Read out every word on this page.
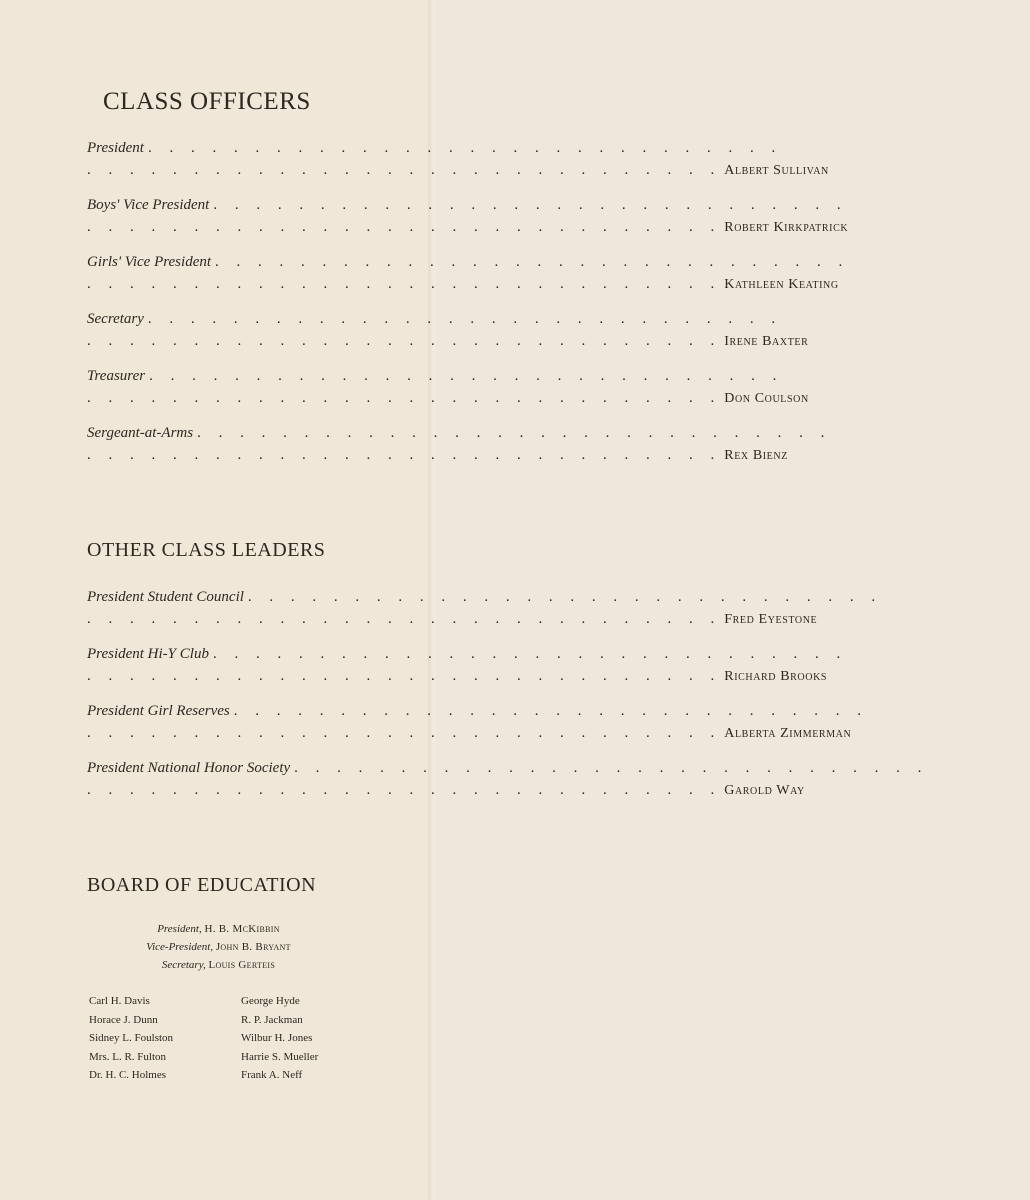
CLASS OFFICERS
President . . . . . . . . . . . . . . . . . . . . . . . . . . . . . .
. . . . . . . . . . . . . . . . . . . . . . . . . . . . . . Albert Sullivan
Boys' Vice President . . . . . . . . . . . . . . . . . . . . . . . . . . . . . .
. . . . . . . . . . . . . . . . . . . . . . . . . . . . . . Robert Kirkpatrick
Girls' Vice President . . . . . . . . . . . . . . . . . . . . . . . . . . . . . .
. . . . . . . . . . . . . . . . . . . . . . . . . . . . . . Kathleen Keating
Secretary . . . . . . . . . . . . . . . . . . . . . . . . . . . . . .
. . . . . . . . . . . . . . . . . . . . . . . . . . . . . . Irene Baxter
Treasurer . . . . . . . . . . . . . . . . . . . . . . . . . . . . . .
. . . . . . . . . . . . . . . . . . . . . . . . . . . . . . Don Coulson
Sergeant-at-Arms . . . . . . . . . . . . . . . . . . . . . . . . . . . . . .
. . . . . . . . . . . . . . . . . . . . . . . . . . . . . . Rex Bienz
OTHER CLASS LEADERS
President Student Council . . . . . . . . . . . . . . . . . . . . . . . . . . . . . .
. . . . . . . . . . . . . . . . . . . . . . . . . . . . . . Fred Eyestone
President Hi-Y Club . . . . . . . . . . . . . . . . . . . . . . . . . . . . . .
. . . . . . . . . . . . . . . . . . . . . . . . . . . . . . Richard Brooks
President Girl Reserves . . . . . . . . . . . . . . . . . . . . . . . . . . . . . .
. . . . . . . . . . . . . . . . . . . . . . . . . . . . . . Alberta Zimmerman
President National Honor Society . . . . . . . . . . . . . . . . . . . . . . . . . . . . . .
. . . . . . . . . . . . . . . . . . . . . . . . . . . . . . Garold Way
BOARD OF EDUCATION
President, H. B. McKibbin
Vice-President, John B. Bryant
Secretary, Louis Gerteis
Carl H. Davis
Horace J. Dunn
Sidney L. Foulston
Mrs. L. R. Fulton
Dr. H. C. Holmes
George Hyde
R. P. Jackman
Wilbur H. Jones
Harrie S. Mueller
Frank A. Neff
